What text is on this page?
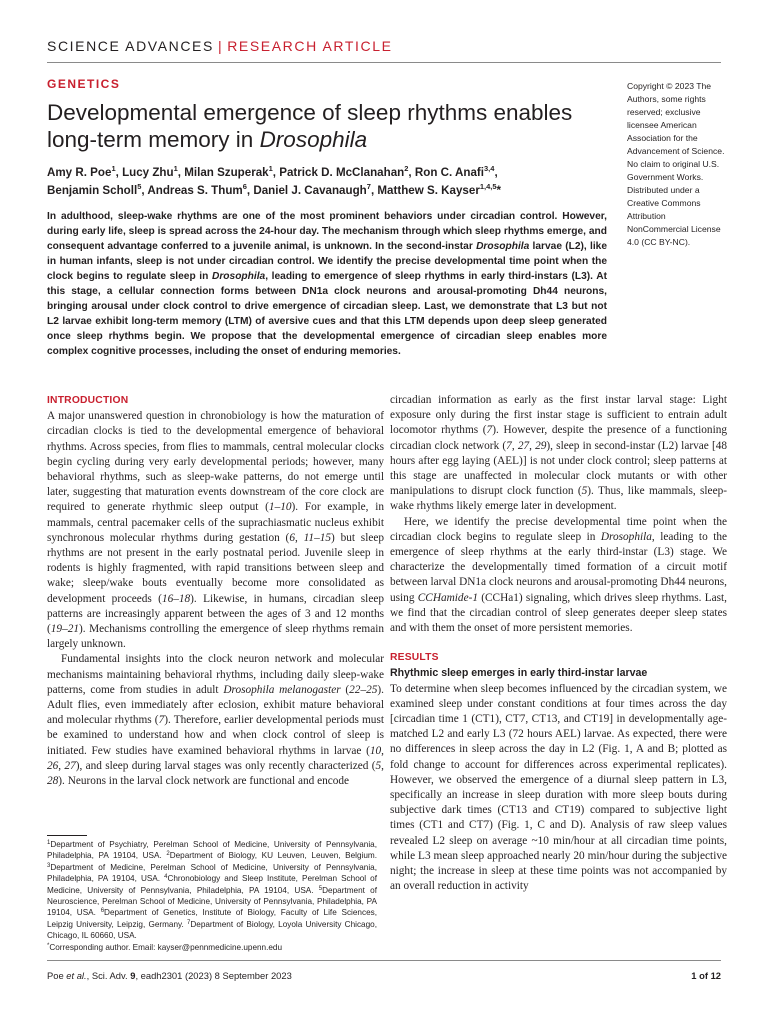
SCIENCE ADVANCES | RESEARCH ARTICLE
GENETICS
Developmental emergence of sleep rhythms enables long-term memory in Drosophila
Amy R. Poe$^1$, Lucy Zhu$^1$, Milan Szuperak$^1$, Patrick D. McClanahan$^2$, Ron C. Anafi$^{3,4}$,
Benjamin Scholl$^5$, Andreas S. Thum$^6$, Daniel J. Cavanaugh$^7$, Matthew S. Kayser$^{1,4,5}$*
In adulthood, sleep-wake rhythms are one of the most prominent behaviors under circadian control. However, during early life, sleep is spread across the 24-hour day. The mechanism through which sleep rhythms emerge, and consequent advantage conferred to a juvenile animal, is unknown. In the second-instar Drosophila larvae (L2), like in human infants, sleep is not under circadian control. We identify the precise developmental time point when the clock begins to regulate sleep in Drosophila, leading to emergence of sleep rhythms in early third-instars (L3). At this stage, a cellular connection forms between DN1a clock neurons and arousal-promoting Dh44 neurons, bringing arousal under clock control to drive emergence of circadian sleep. Last, we demonstrate that L3 but not L2 larvae exhibit long-term memory (LTM) of aversive cues and that this LTM depends upon deep sleep generated once sleep rhythms begin. We propose that the developmental emergence of circadian sleep enables more complex cognitive processes, including the onset of enduring memories.
Copyright © 2023 The Authors, some rights reserved; exclusive licensee American Association for the Advancement of Science. No claim to original U.S. Government Works. Distributed under a Creative Commons Attribution NonCommercial License 4.0 (CC BY-NC).
INTRODUCTION

A major unanswered question in chronobiology is how the maturation of circadian clocks is tied to the developmental emergence of behavioral rhythms. Across species, from flies to mammals, central molecular clocks begin cycling during very early developmental periods; however, many behavioral rhythms, such as sleep-wake patterns, do not emerge until later, suggesting that maturation events downstream of the core clock are required to generate rhythmic sleep output (1–10). For example, in mammals, central pacemaker cells of the suprachiasmatic nucleus exhibit synchronous molecular rhythms during gestation (6, 11–15) but sleep rhythms are not present in the early postnatal period. Juvenile sleep in rodents is highly fragmented, with rapid transitions between sleep and wake; sleep/wake bouts eventually become more consolidated as development proceeds (16–18). Likewise, in humans, circadian sleep patterns are increasingly apparent between the ages of 3 and 12 months (19–21). Mechanisms controlling the emergence of sleep rhythms remain largely unknown.

Fundamental insights into the clock neuron network and molecular mechanisms maintaining behavioral rhythms, including daily sleep-wake patterns, come from studies in adult Drosophila melanogaster (22–25). Adult flies, even immediately after eclosion, exhibit mature behavioral and molecular rhythms (7). Therefore, earlier developmental periods must be examined to understand how and when clock control of sleep is initiated. Few studies have examined behavioral rhythms in larvae (10, 26, 27), and sleep during larval stages was only recently characterized (5, 28). Neurons in the larval clock network are functional and encode

circadian information as early as the first instar larval stage: Light exposure only during the first instar stage is sufficient to entrain adult locomotor rhythms (7). However, despite the presence of a functioning circadian clock network (7, 27, 29), sleep in second-instar (L2) larvae [48 hours after egg laying (AEL)] is not under clock control; sleep patterns at this stage are unaffected in molecular clock mutants or with other manipulations to disrupt clock function (5). Thus, like mammals, sleep-wake rhythms likely emerge later in development.

Here, we identify the precise developmental time point when the circadian clock begins to regulate sleep in Drosophila, leading to the emergence of sleep rhythms at the early third-instar (L3) stage. We characterize the developmentally timed formation of a circuit motif between larval DN1a clock neurons and arousal-promoting Dh44 neurons, using CCHamide-1 (CCHa1) signaling, which drives sleep rhythms. Last, we find that the circadian control of sleep generates deeper sleep states and with them the onset of more persistent memories.

RESULTS
Rhythmic sleep emerges in early third-instar larvae

To determine when sleep becomes influenced by the circadian system, we examined sleep under constant conditions at four times across the day [circadian time 1 (CT1), CT7, CT13, and CT19] in developmentally age-matched L2 and early L3 (72 hours AEL) larvae. As expected, there were no differences in sleep across the day in L2 (Fig. 1, A and B; plotted as fold change to account for differences across experimental replicates). However, we observed the emergence of a diurnal sleep pattern in L3, specifically an increase in sleep duration with more sleep bouts during subjective dark times (CT13 and CT19) compared to subjective light times (CT1 and CT7) (Fig. 1, C and D). Analysis of raw sleep values revealed L2 sleep on average ~10 min/hour at all circadian time points, while L3 mean sleep approached nearly 20 min/hour during the subjective night; the increase in sleep at these time points was not accompanied by an overall reduction in activity

$^1$Department of Psychiatry, Perelman School of Medicine, University of Pennsylvania, Philadelphia, PA 19104, USA. $^2$Department of Biology, KU Leuven, Leuven, Belgium. $^3$Department of Medicine, Perelman School of Medicine, University of Pennsylvania, Philadelphia, PA 19104, USA. $^4$Chronobiology and Sleep Institute, Perelman School of Medicine, University of Pennsylvania, Philadelphia, PA 19104, USA. $^5$Department of Neuroscience, Perelman School of Medicine, University of Pennsylvania, Philadelphia, PA 19104, USA. $^6$Department of Genetics, Institute of Biology, Faculty of Life Sciences, Leipzig University, Leipzig, Germany. $^7$Department of Biology, Loyola University Chicago, Chicago, IL 60660, USA.
*Corresponding author. Email: kayser@pennmedicine.upenn.edu
Poe et al., Sci. Adv. 9, eadh2301 (2023) 8 September 2023	1 of 12
